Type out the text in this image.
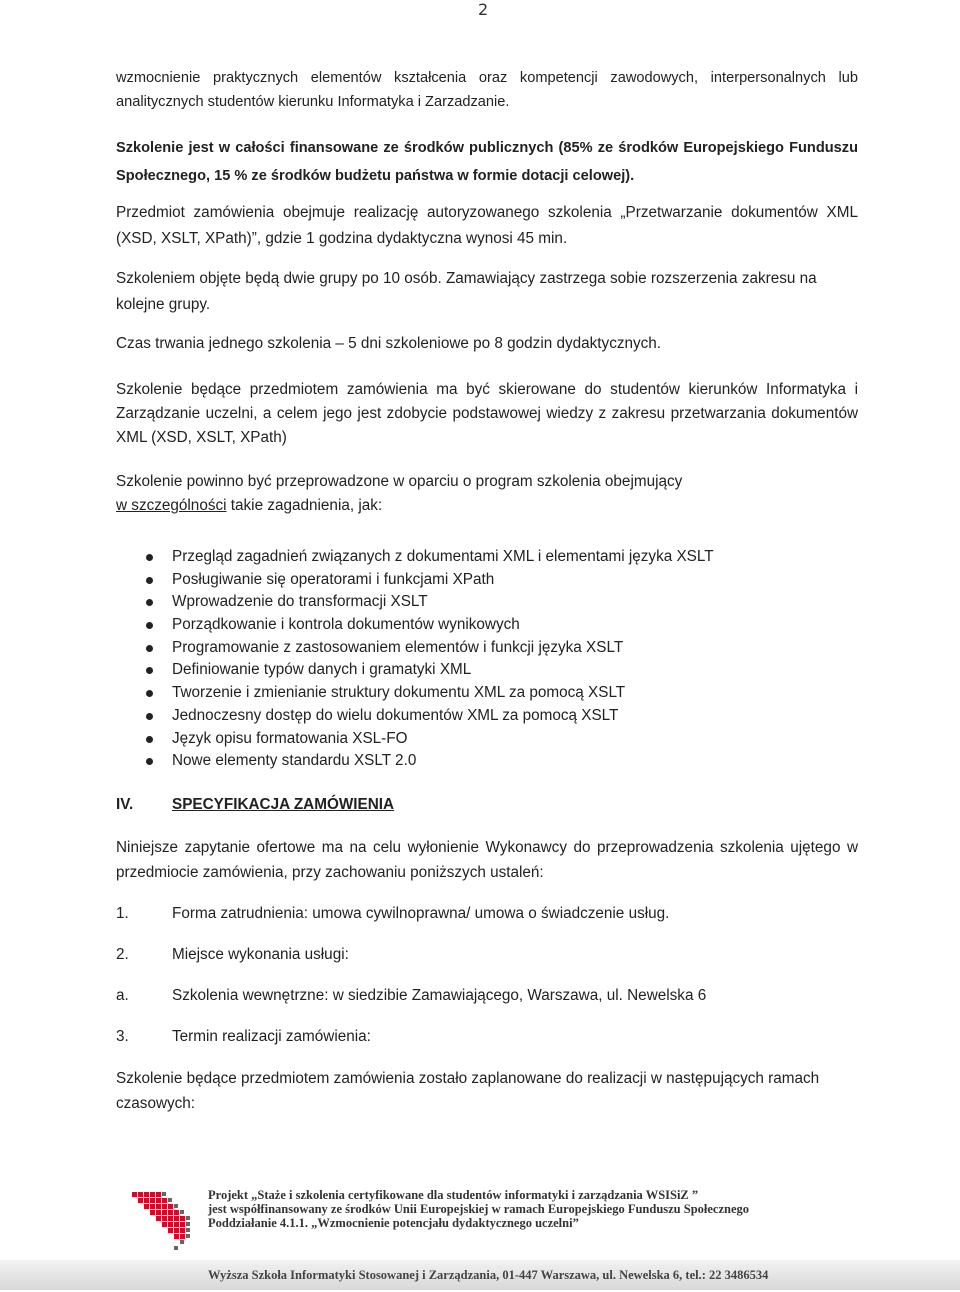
2

wzmocnienie praktycznych elementów kształcenia oraz kompetencji zawodowych, interpersonalnych lub analitycznych studentów kierunku Informatyka i Zarzadzanie.

Szkolenie jest w całości finansowane ze środków publicznych (85% ze środków Europejskiego Funduszu Społecznego, 15 % ze środków budżetu państwa w formie dotacji celowej).

Przedmiot zamówienia obejmuje realizację autoryzowanego szkolenia „Przetwarzanie dokumentów XML (XSD, XSLT, XPath)”, gdzie 1 godzina dydaktyczna wynosi 45 min.

Szkoleniem objęte będą dwie grupy po 10 osób. Zamawiający zastrzega sobie rozszerzenia zakresu na kolejne grupy.

Czas trwania jednego szkolenia – 5 dni szkoleniowe po 8 godzin dydaktycznych.

Szkolenie będące przedmiotem zamówienia ma być skierowane do studentów kierunków Informatyka i Zarządzanie uczelni, a celem jego jest zdobycie podstawowej wiedzy z zakresu przetwarzania dokumentów XML (XSD, XSLT, XPath)

Szkolenie powinno być przeprowadzone w oparciu o program szkolenia obejmujący
w szczególności takie zagadnienia, jak:

Przegląd zagadnień związanych z dokumentami XML i elementami języka XSLT
Posługiwanie się operatorami i funkcjami XPath
Wprowadzenie do transformacji XSLT
Porządkowanie i kontrola dokumentów wynikowych
Programowanie z zastosowaniem elementów i funkcji języka XSLT
Definiowanie typów danych i gramatyki XML
Tworzenie i zmienianie struktury dokumentu XML za pomocą XSLT
Jednoczesny dostęp do wielu dokumentów XML za pomocą XSLT
Język opisu formatowania XSL-FO
Nowe elementy standardu XSLT 2.0
IV.	SPECYFIKACJA ZAMÓWIENIA

Niniejsze zapytanie ofertowe ma na celu wyłonienie Wykonawcy do przeprowadzenia szkolenia ujętego w przedmiocie zamówienia, przy zachowaniu poniższych ustaleń:

1.	Forma zatrudnienia: umowa cywilnoprawna/ umowa o świadczenie usług.
2.	Miejsce wykonania usługi:
a.	Szkolenia wewnętrzne: w siedzibie Zamawiającego, Warszawa, ul. Newelska 6
3.	Termin realizacji zamówienia:

Szkolenie będące przedmiotem zamówienia zostało zaplanowane do realizacji w następujących ramach czasowych:

Projekt „Staże i szkolenia certyfikowane dla studentów informatyki i zarządzania WSISiZ ”
jest współfinansowany ze środków Unii Europejskiej w ramach Europejskiego Funduszu Społecznego
Poddziałanie 4.1.1. „Wzmocnienie potencjału dydaktycznego uczelni”
Wyższa Szkoła Informatyki Stosowanej i Zarządzania, 01-447 Warszawa, ul. Newelska 6, tel.: 22 3486534
